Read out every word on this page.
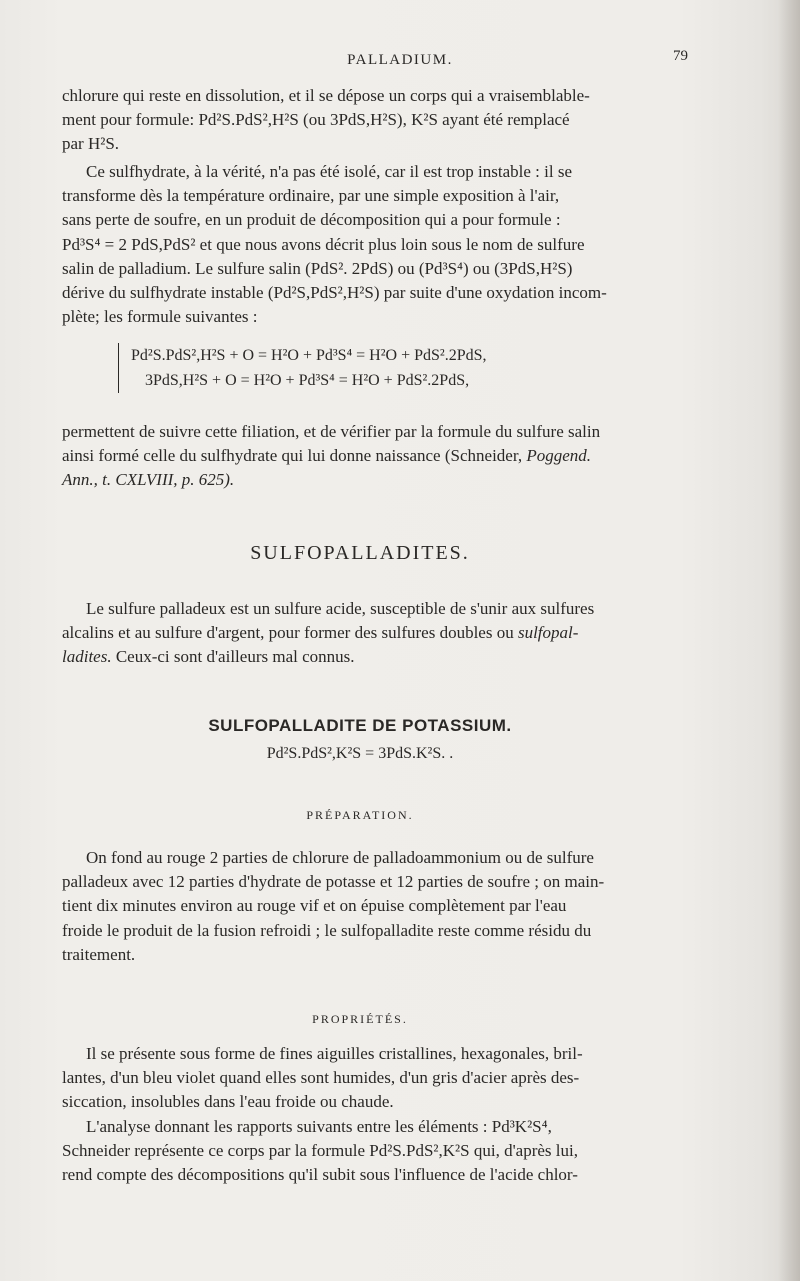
PALLADIUM.	79

chlorure qui reste en dissolution, et il se dépose un corps qui a vraisemblable-

ment pour formule: Pd²S.PdS²,H²S (ou 3PdS,H²S), K²S ayant été remplacé

par H²S.

Ce sulfhydrate, à la vérité, n'a pas été isolé, car il est trop instable : il se

transforme dès la température ordinaire, par une simple exposition à l'air,

sans perte de soufre, en un produit de décomposition qui a pour formule :

Pd³S⁴ = 2 PdS,PdS² et que nous avons décrit plus loin sous le nom de sulfure

salin de palladium. Le sulfure salin (PdS². 2PdS) ou (Pd³S⁴) ou (3PdS,H²S)

dérive du sulfhydrate instable (Pd²S,PdS²,H²S) par suite d'une oxydation incom-

plète; les formule suivantes :

Pd²S.PdS²,H²S + O = H²O + Pd³S⁴ = H²O + PdS².2PdS,
3PdS,H²S + O = H²O + Pd³S⁴ = H²O + PdS².2PdS,

permettent de suivre cette filiation, et de vérifier par la formule du sulfure salin

ainsi formé celle du sulfhydrate qui lui donne naissance (Schneider, Poggend.

Ann., t. CXLVIII, p. 625).

SULFOPALLADITES.

Le sulfure palladeux est un sulfure acide, susceptible de s'unir aux sulfures

alcalins et au sulfure d'argent, pour former des sulfures doubles ou sulfopal-

ladites. Ceux-ci sont d'ailleurs mal connus.

SULFOPALLADITE DE POTASSIUM.
Pd²S.PdS²,K²S = 3PdS.K²S. .
PRÉPARATION.

On fond au rouge 2 parties de chlorure de palladoammonium ou de sulfure

palladeux avec 12 parties d'hydrate de potasse et 12 parties de soufre ; on main-

tient dix minutes environ au rouge vif et on épuise complètement par l'eau

froide le produit de la fusion refroidi ; le sulfopalladite reste comme résidu du

traitement.

PROPRIÉTÉS.

Il se présente sous forme de fines aiguilles cristallines, hexagonales, bril-

lantes, d'un bleu violet quand elles sont humides, d'un gris d'acier après des-

siccation, insolubles dans l'eau froide ou chaude.

L'analyse donnant les rapports suivants entre les éléments : Pd³K²S⁴,

Schneider représente ce corps par la formule Pd²S.PdS²,K²S qui, d'après lui,

rend compte des décompositions qu'il subit sous l'influence de l'acide chlor-
